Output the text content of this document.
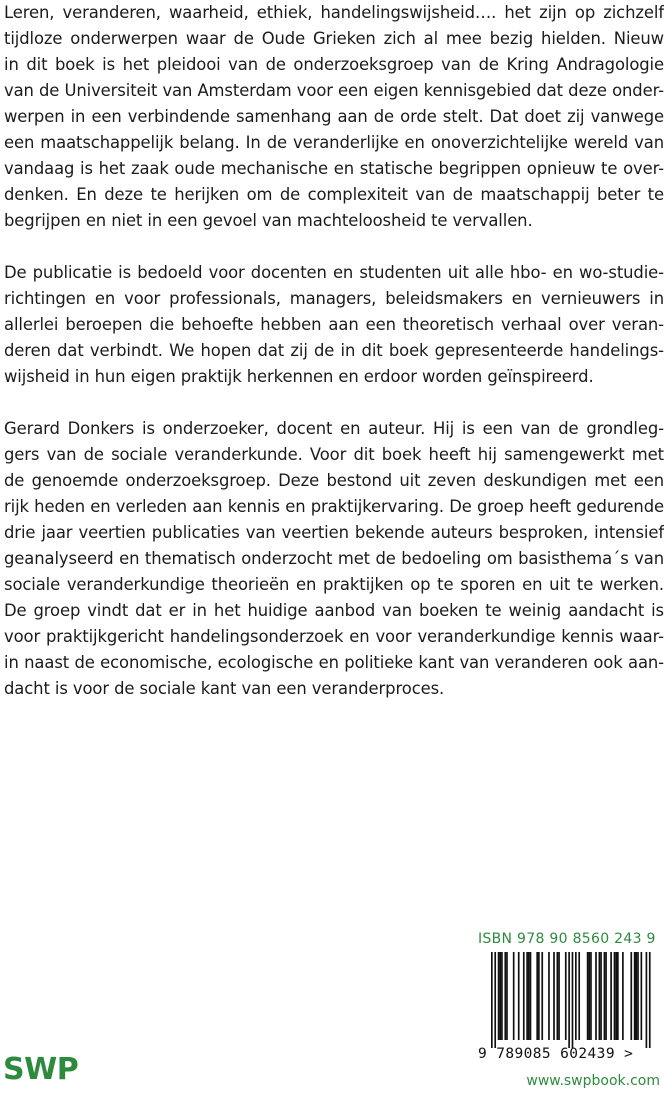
Leren, veranderen, waarheid, ethiek, handelingswijsheid…. het zijn op zichzelf
tijdloze onderwerpen waar de Oude Grieken zich al mee bezig hielden. Nieuw
in dit boek is het pleidooi van de onderzoeksgroep van de Kring Andragologie
van de Universiteit van Amsterdam voor een eigen kennisgebied dat deze onder-
werpen in een verbindende samenhang aan de orde stelt. Dat doet zij vanwege
een maatschappelijk belang. In de veranderlijke en onoverzichtelijke wereld van
vandaag is het zaak oude mechanische en statische begrippen opnieuw te over-
denken. En deze te herijken om de complexiteit van de maatschappij beter te
begrijpen en niet in een gevoel van machteloosheid te vervallen.
De publicatie is bedoeld voor docenten en studenten uit alle hbo- en wo-studie-
richtingen en voor professionals, managers, beleidsmakers en vernieuwers in
allerlei beroepen die behoefte hebben aan een theoretisch verhaal over veran-
deren dat verbindt. We hopen dat zij de in dit boek gepresenteerde handelings-
wijsheid in hun eigen praktijk herkennen en erdoor worden geïnspireerd.
Gerard Donkers is onderzoeker, docent en auteur. Hij is een van de grondleg-
gers van de sociale veranderkunde. Voor dit boek heeft hij samengewerkt met
de genoemde onderzoeksgroep. Deze bestond uit zeven deskundigen met een
rijk heden en verleden aan kennis en praktijkervaring. De groep heeft gedurende
drie jaar veertien publicaties van veertien bekende auteurs besproken, intensief
geanalyseerd en thematisch onderzocht met de bedoeling om basisthema´s van
sociale veranderkundige theorieën en praktijken op te sporen en uit te werken.
De groep vindt dat er in het huidige aanbod van boeken te weinig aandacht is
voor praktijkgericht handelingsonderzoek en voor veranderkundige kennis waar-
in naast de economische, ecologische en politieke kant van veranderen ook aan-
dacht is voor de sociale kant van een veranderproces.
ISBN 978 90 8560 243 9
9 789085 602439 >
www.swpbook.com
SWP
